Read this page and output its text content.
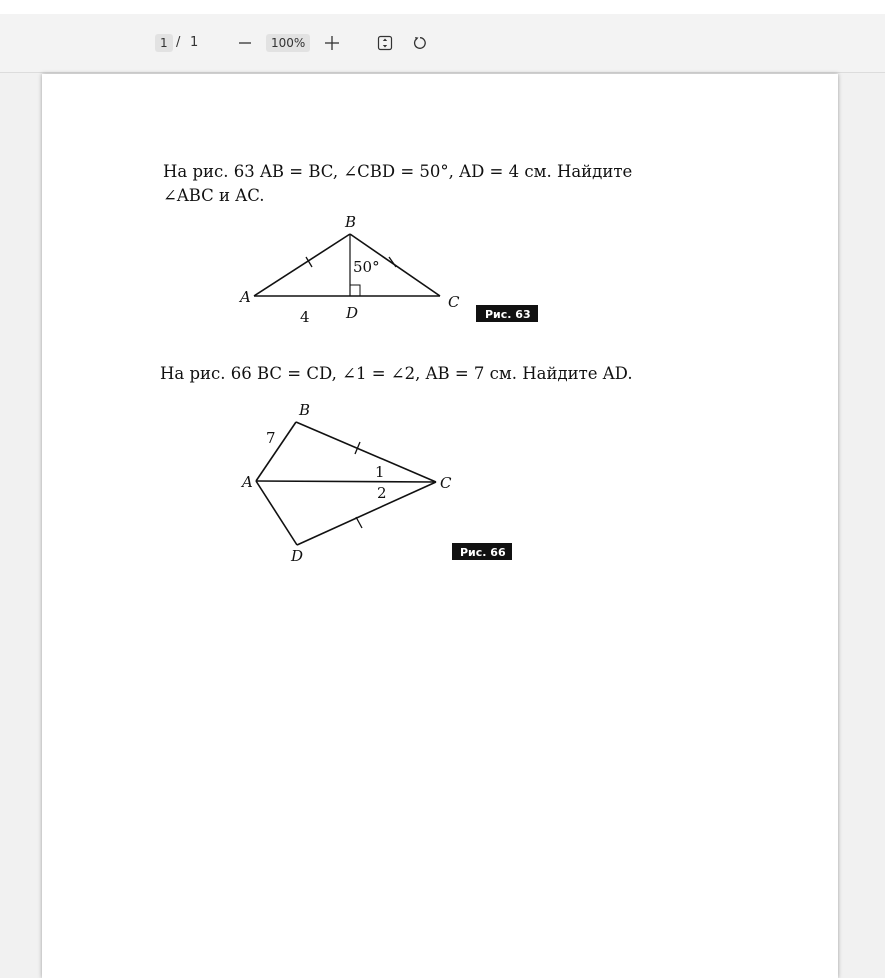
1 / 1	100%
На рис. 63 AB = BC, ∠CBD = 50°, AD = 4 см. Найдите
∠ABC и AC.
B
A	C
D
50°
4	Рис. 63
На рис. 66 BC = CD, ∠1 = ∠2, AB = 7 см. Найдите AD.
B
A	C
D
7
1
2
Рис. 66
